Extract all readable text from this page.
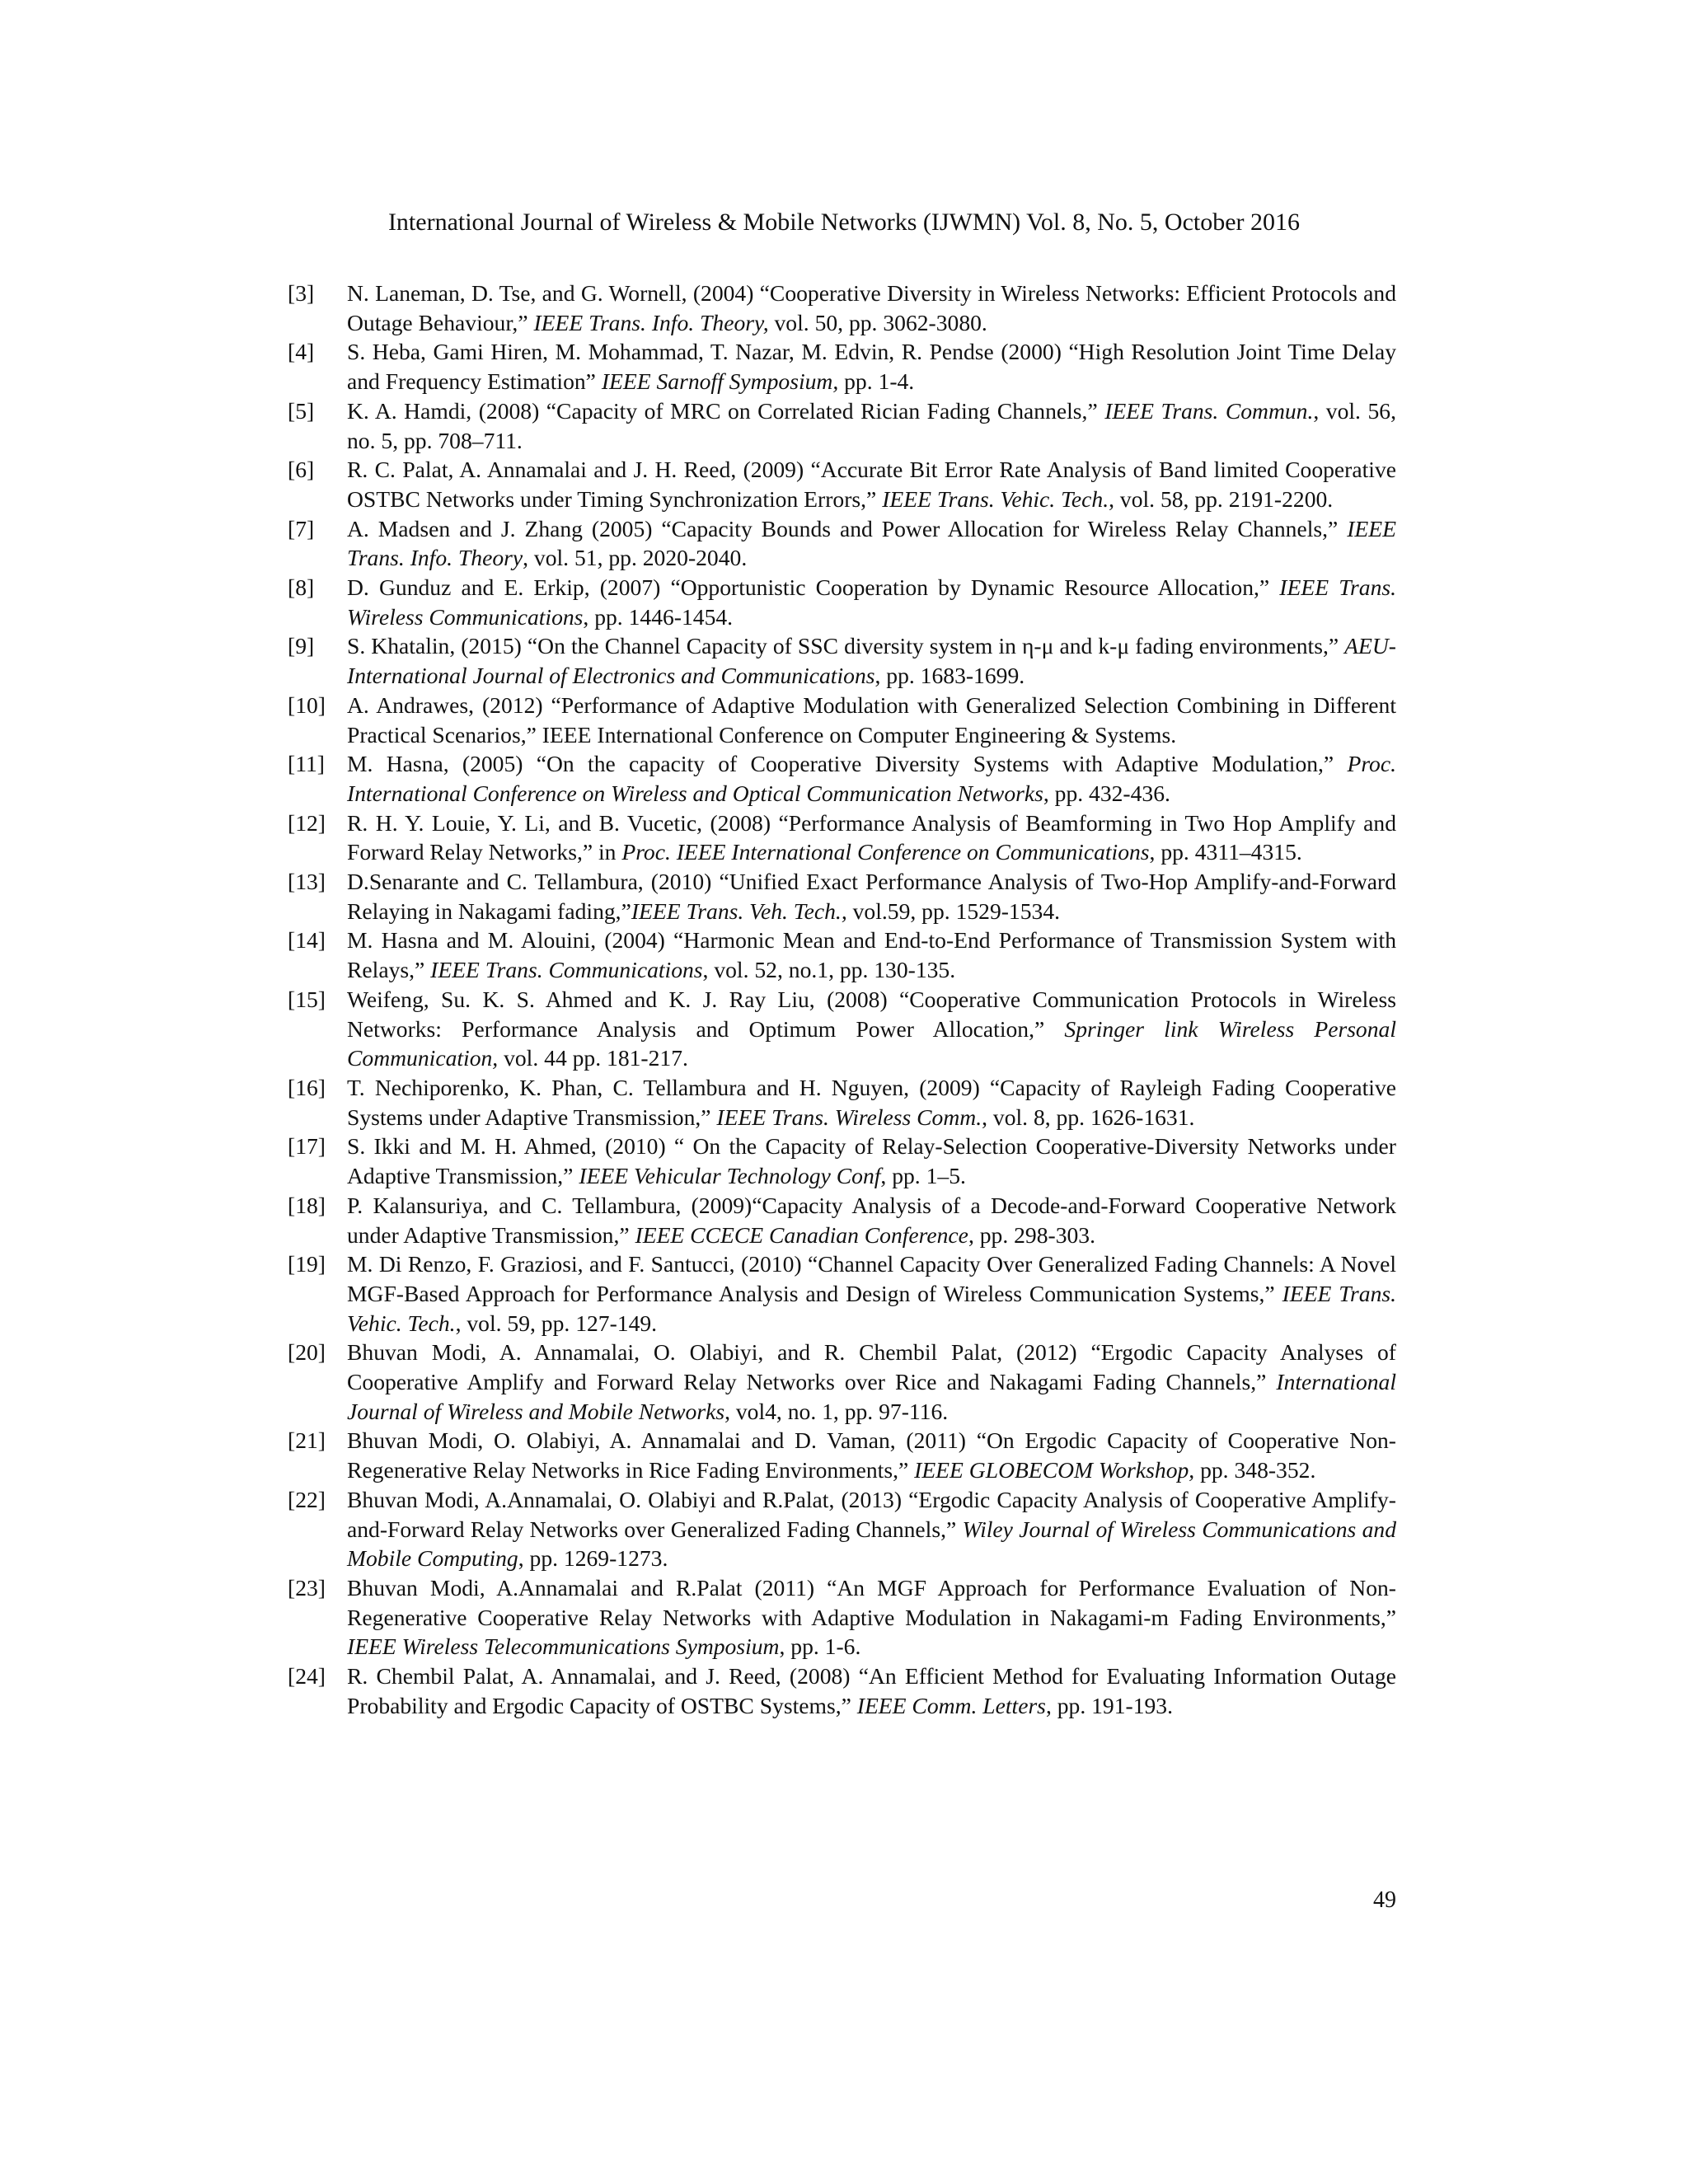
International Journal of Wireless & Mobile Networks (IJWMN) Vol. 8, No. 5, October 2016
[3] N. Laneman, D. Tse, and G. Wornell, (2004) “Cooperative Diversity in Wireless Networks: Efficient Protocols and Outage Behaviour,” IEEE Trans. Info. Theory, vol. 50, pp. 3062-3080.
[4] S. Heba, Gami Hiren, M. Mohammad, T. Nazar, M. Edvin, R. Pendse (2000) “High Resolution Joint Time Delay and Frequency Estimation” IEEE Sarnoff Symposium, pp. 1-4.
[5] K. A. Hamdi, (2008) “Capacity of MRC on Correlated Rician Fading Channels,” IEEE Trans. Commun., vol. 56, no. 5, pp. 708–711.
[6] R. C. Palat, A. Annamalai and J. H. Reed, (2009) “Accurate Bit Error Rate Analysis of Band limited Cooperative OSTBC Networks under Timing Synchronization Errors,” IEEE Trans. Vehic. Tech., vol. 58, pp. 2191-2200.
[7] A. Madsen and J. Zhang (2005) “Capacity Bounds and Power Allocation for Wireless Relay Channels,” IEEE Trans. Info. Theory, vol. 51, pp. 2020-2040.
[8] D. Gunduz and E. Erkip, (2007) “Opportunistic Cooperation by Dynamic Resource Allocation,” IEEE Trans. Wireless Communications, pp. 1446-1454.
[9] S. Khatalin, (2015) “On the Channel Capacity of SSC diversity system in η-μ and k-μ fading environments,” AEU-International Journal of Electronics and Communications, pp. 1683-1699.
[10] A. Andrawes, (2012) “Performance of Adaptive Modulation with Generalized Selection Combining in Different Practical Scenarios,” IEEE International Conference on Computer Engineering & Systems.
[11] M. Hasna, (2005) “On the capacity of Cooperative Diversity Systems with Adaptive Modulation,” Proc. International Conference on Wireless and Optical Communication Networks, pp. 432-436.
[12] R. H. Y. Louie, Y. Li, and B. Vucetic, (2008) “Performance Analysis of Beamforming in Two Hop Amplify and Forward Relay Networks,” in Proc. IEEE International Conference on Communications, pp. 4311–4315.
[13] D.Senarante and C. Tellambura, (2010) “Unified Exact Performance Analysis of Two-Hop Amplify-and-Forward Relaying in Nakagami fading,”IEEE Trans. Veh. Tech., vol.59, pp. 1529-1534.
[14] M. Hasna and M. Alouini, (2004) “Harmonic Mean and End-to-End Performance of Transmission System with Relays,” IEEE Trans. Communications, vol. 52, no.1, pp. 130-135.
[15] Weifeng, Su. K. S. Ahmed and K. J. Ray Liu, (2008) “Cooperative Communication Protocols in Wireless Networks: Performance Analysis and Optimum Power Allocation,” Springer link Wireless Personal Communication, vol. 44 pp. 181-217.
[16] T. Nechiporenko, K. Phan, C. Tellambura and H. Nguyen, (2009) “Capacity of Rayleigh Fading Cooperative Systems under Adaptive Transmission,” IEEE Trans. Wireless Comm., vol. 8, pp. 1626-1631.
[17] S. Ikki and M. H. Ahmed, (2010) “ On the Capacity of Relay-Selection Cooperative-Diversity Networks under Adaptive Transmission,” IEEE Vehicular Technology Conf, pp. 1–5.
[18] P. Kalansuriya, and C. Tellambura, (2009)“Capacity Analysis of a Decode-and-Forward Cooperative Network under Adaptive Transmission,” IEEE CCECE Canadian Conference, pp. 298-303.
[19] M. Di Renzo, F. Graziosi, and F. Santucci, (2010) “Channel Capacity Over Generalized Fading Channels: A Novel MGF-Based Approach for Performance Analysis and Design of Wireless Communication Systems,” IEEE Trans. Vehic. Tech., vol. 59, pp. 127-149.
[20] Bhuvan Modi, A. Annamalai, O. Olabiyi, and R. Chembil Palat, (2012) “Ergodic Capacity Analyses of Cooperative Amplify and Forward Relay Networks over Rice and Nakagami Fading Channels,” International Journal of Wireless and Mobile Networks, vol4, no. 1, pp. 97-116.
[21] Bhuvan Modi, O. Olabiyi, A. Annamalai and D. Vaman, (2011) “On Ergodic Capacity of Cooperative Non-Regenerative Relay Networks in Rice Fading Environments,” IEEE GLOBECOM Workshop, pp. 348-352.
[22] Bhuvan Modi, A.Annamalai, O. Olabiyi and R.Palat, (2013) “Ergodic Capacity Analysis of Cooperative Amplify-and-Forward Relay Networks over Generalized Fading Channels,” Wiley Journal of Wireless Communications and Mobile Computing, pp. 1269-1273.
[23] Bhuvan Modi, A.Annamalai and R.Palat (2011) “An MGF Approach for Performance Evaluation of Non-Regenerative Cooperative Relay Networks with Adaptive Modulation in Nakagami-m Fading Environments,” IEEE Wireless Telecommunications Symposium, pp. 1-6.
[24] R. Chembil Palat, A. Annamalai, and J. Reed, (2008) “An Efficient Method for Evaluating Information Outage Probability and Ergodic Capacity of OSTBC Systems,” IEEE Comm. Letters, pp. 191-193.
49
